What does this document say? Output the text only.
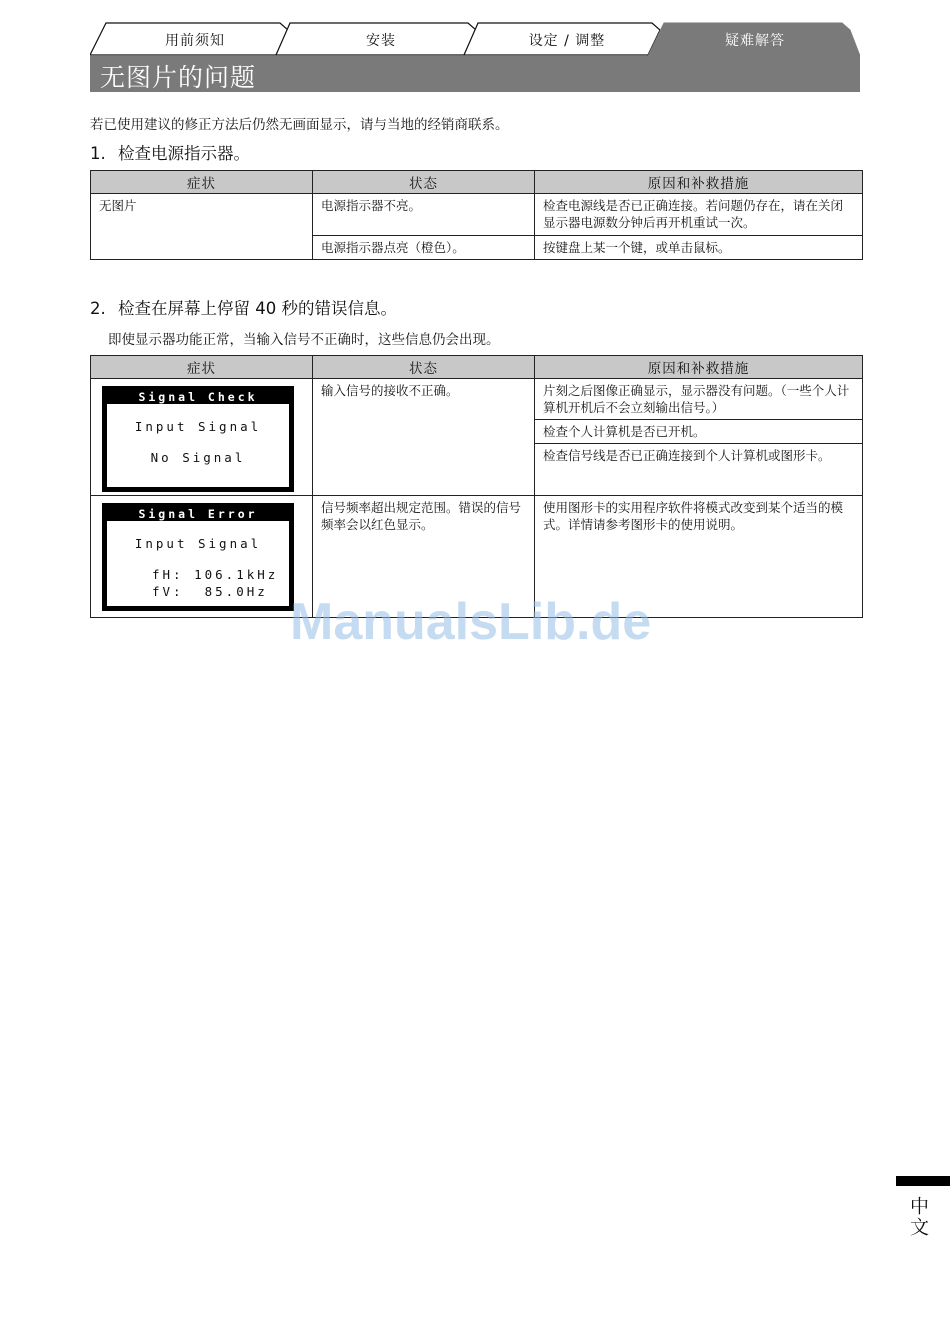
用前须知	安装	设定 / 调整	疑难解答
无图片的问题
若已使用建议的修正方法后仍然无画面显示，请与当地的经销商联系。
1. 检查电源指示器。
症状	状态	原因和补救措施
无图片	电源指示器不亮。	检查电源线是否已正确连接。若问题仍存在，请在关闭显示器电源数分钟后再开机重试一次。
	电源指示器点亮（橙色）。	按键盘上某一个键，或单击鼠标。
2. 检查在屏幕上停留 40 秒的错误信息。
即使显示器功能正常，当输入信号不正确时，这些信息仍会出现。
症状	状态	原因和补救措施

Signal Check
Input Signal
No Signal	输入信号的接收不正确。	片刻之后图像正确显示，显示器没有问题。（一些个人计算机开机后不会立刻输出信号。）
		检查个人计算机是否已开机。
		检查信号线是否已正确连接到个人计算机或图形卡。

Signal Error
Input Signal
fH: 106.1kHz
fV:  85.0Hz	信号频率超出规定范围。错误的信号频率会以红色显示。	使用图形卡的实用程序软件将模式改变到某个适当的模式。详情请参考图形卡的使用说明。
ManualsLib.de
中文
